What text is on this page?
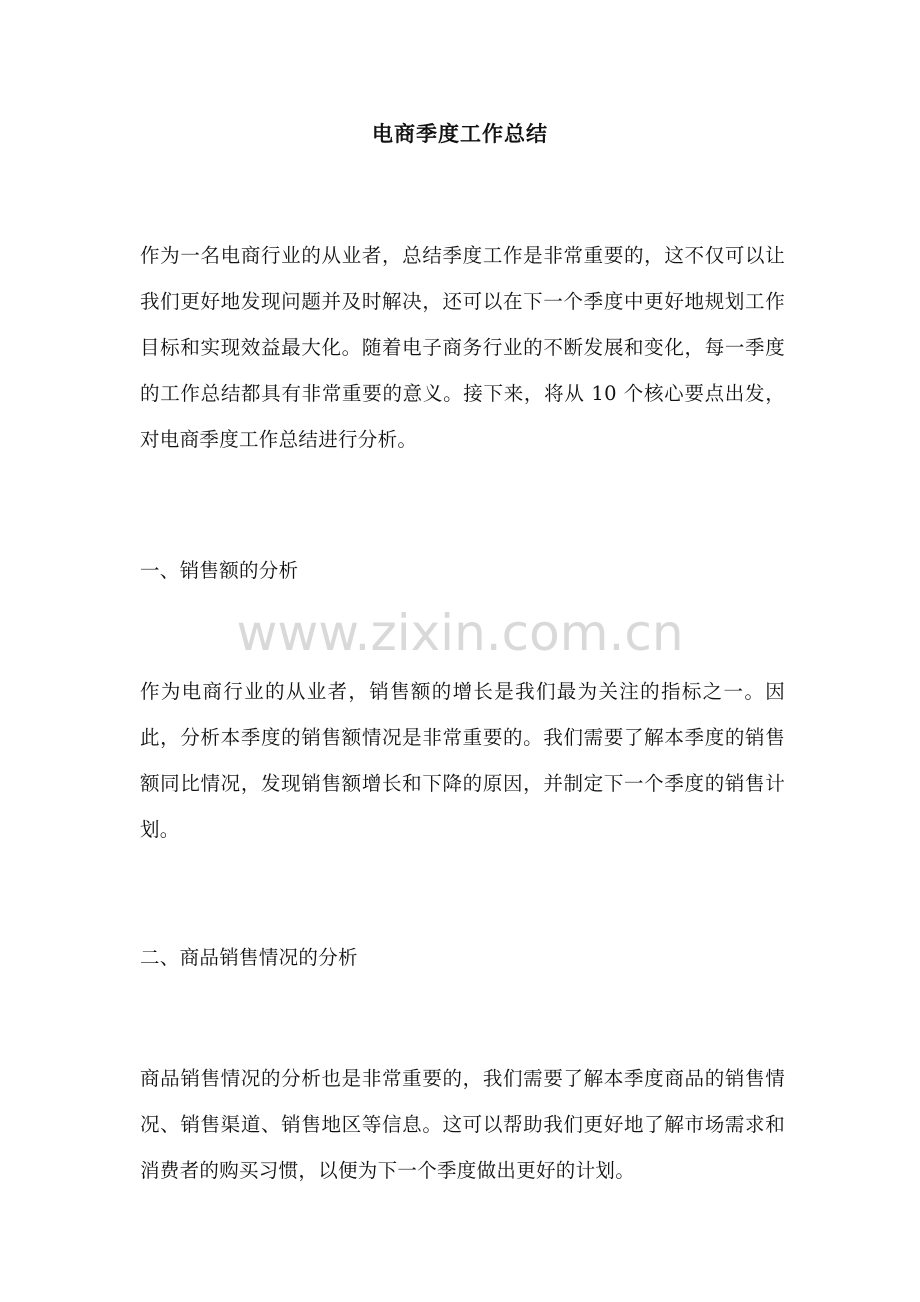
电商季度工作总结

作为一名电商行业的从业者，总结季度工作是非常重要的，这不仅可以让我们更好地发现问题并及时解决，还可以在下一个季度中更好地规划工作目标和实现效益最大化。随着电子商务行业的不断发展和变化，每一季度的工作总结都具有非常重要的意义。接下来，将从 10 个核心要点出发，对电商季度工作总结进行分析。

一、销售额的分析
www.zixin.com.cn

作为电商行业的从业者，销售额的增长是我们最为关注的指标之一。因此，分析本季度的销售额情况是非常重要的。我们需要了解本季度的销售额同比情况，发现销售额增长和下降的原因，并制定下一个季度的销售计划。

二、商品销售情况的分析

商品销售情况的分析也是非常重要的，我们需要了解本季度商品的销售情况、销售渠道、销售地区等信息。这可以帮助我们更好地了解市场需求和消费者的购买习惯，以便为下一个季度做出更好的计划。
